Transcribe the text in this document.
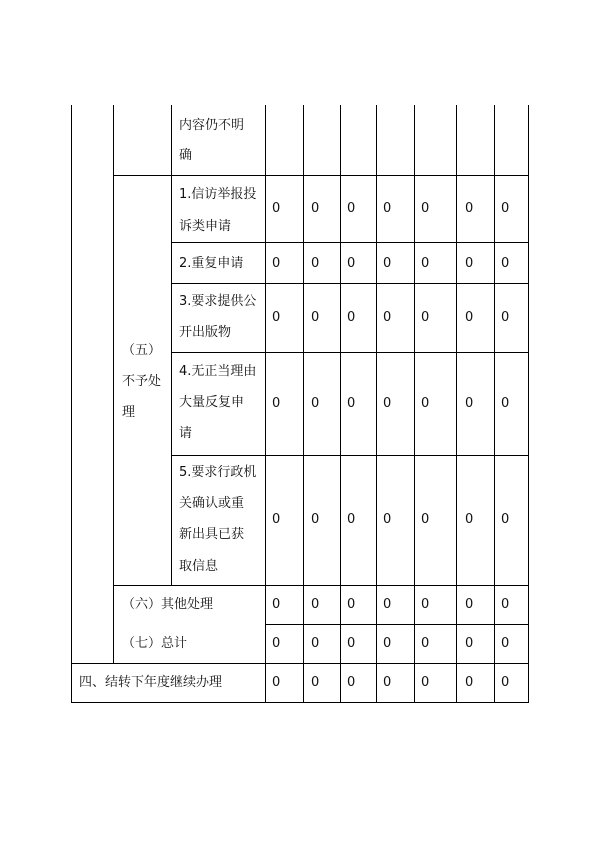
内容仍不明
确
（五）
不予处
理
1.信访举报投
诉类申请
0	0	0	0	0	0	0
2.重复申请 0	0	0	0	0	0	0
3.要求提供公
开出版物
0	0	0	0	0	0	0
4.无正当理由
大量反复申
请
0	0	0	0	0	0	0
5.要求行政机
关确认或重
新出具已获
取信息
0	0	0	0	0	0	0
（六）其他处理	0	0	0	0	0	0	0
（七）总计	0	0	0	0	0	0	0
四、结转下年度继续办理	0	0	0	0	0	0	0
